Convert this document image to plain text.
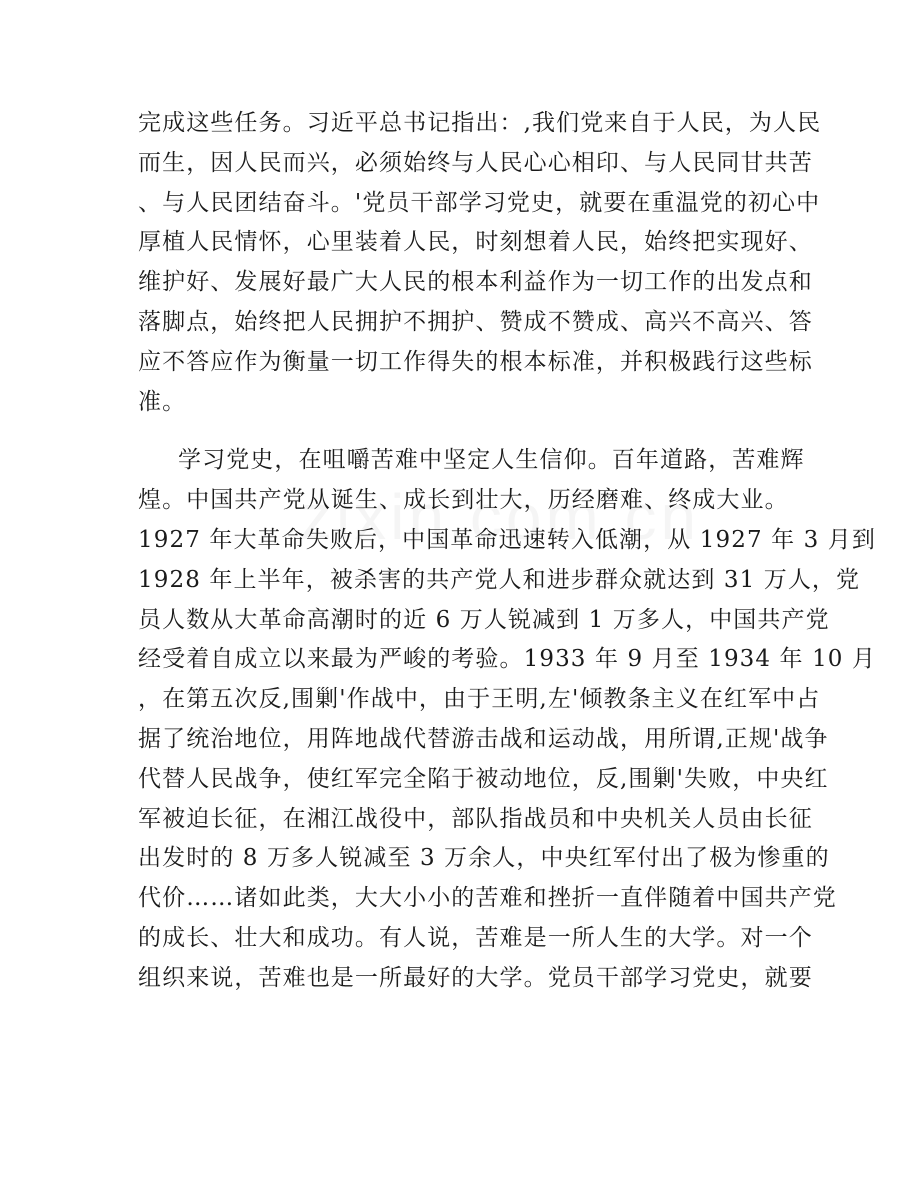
完成这些任务。习近平总书记指出：,我们党来自于人民，为人民
而生，因人民而兴，必须始终与人民心心相印、与人民同甘共苦
、与人民团结奋斗。'党员干部学习党史，就要在重温党的初心中
厚植人民情怀，心里装着人民，时刻想着人民，始终把实现好、
维护好、发展好最广大人民的根本利益作为一切工作的出发点和
落脚点，始终把人民拥护不拥护、赞成不赞成、高兴不高兴、答
应不答应作为衡量一切工作得失的根本标准，并积极践行这些标
准。
学习党史，在咀嚼苦难中坚定人生信仰。百年道路，苦难辉
煌。中国共产党从诞生、成长到壮大，历经磨难、终成大业。
1927 年大革命失败后，中国革命迅速转入低潮，从 1927 年 3 月到
1928 年上半年，被杀害的共产党人和进步群众就达到 31 万人，党
员人数从大革命高潮时的近 6 万人锐减到 1 万多人，中国共产党
经受着自成立以来最为严峻的考验。1933 年 9 月至 1934 年 10 月
，在第五次反,围剿'作战中，由于王明,左'倾教条主义在红军中占
据了统治地位，用阵地战代替游击战和运动战，用所谓,正规'战争
代替人民战争，使红军完全陷于被动地位，反,围剿'失败，中央红
军被迫长征，在湘江战役中，部队指战员和中央机关人员由长征
出发时的 8 万多人锐减至 3 万余人，中央红军付出了极为惨重的
代价……诸如此类，大大小小的苦难和挫折一直伴随着中国共产党
的成长、壮大和成功。有人说，苦难是一所人生的大学。对一个
组织来说，苦难也是一所最好的大学。党员干部学习党史，就要
